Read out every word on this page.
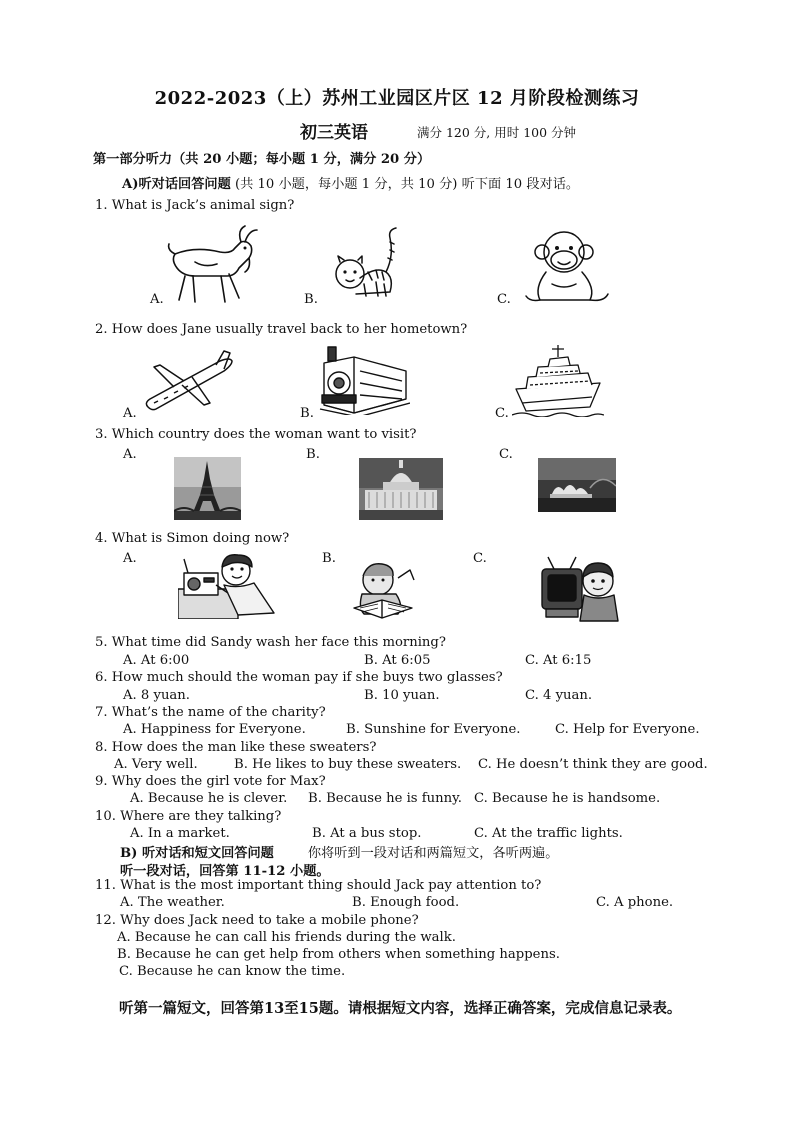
2022-2023（上）苏州工业园区片区 12 月阶段检测练习
初三英语	满分 120 分, 用时 100 分钟
第一部分听力（共 20 小题；每小题 1 分，满分 20 分）
A)听对话回答问题 (共 10 小题，每小题 1 分，共 10 分) 听下面 10 段对话。
1. What is Jack’s animal sign?
A.	B.	C.
2. How does Jane usually travel back to her hometown?
A.	B.	C.
3. Which country does the woman want to visit?
A.	B.	C.
4. What is Simon doing now?
A.	B.	C.
5. What time did Sandy wash her face this morning?
A. At 6:00	B. At 6:05	C. At 6:15
6. How much should the woman pay if she buys two glasses?
A. 8 yuan.	B. 10 yuan.	C. 4 yuan.
7. What’s the name of the charity?
A. Happiness for Everyone.	B. Sunshine for Everyone.	C. Help for Everyone.
8. How does the man like these sweaters?
A. Very well.	B. He likes to buy these sweaters. C. He doesn’t think they are good.
9. Why does the girl vote for Max?
A. Because he is clever. B. Because he is funny. C. Because he is handsome.
10. Where are they talking?
A. In a market.	B. At a bus stop.	C. At the traffic lights.
B) 听对话和短文回答问题	你将听到一段对话和两篇短文，各听两遍。
听一段对话，回答第 11-12 小题。
11. What is the most important thing should Jack pay attention to?
A. The weather.	B. Enough food.	C. A phone.
12. Why does Jack need to take a mobile phone?
A. Because he can call his friends during the walk.
B. Because he can get help from others when something happens.
C. Because he can know the time.
听第一篇短文，回答第13至15题。请根据短文内容，选择正确答案，完成信息记录表。
